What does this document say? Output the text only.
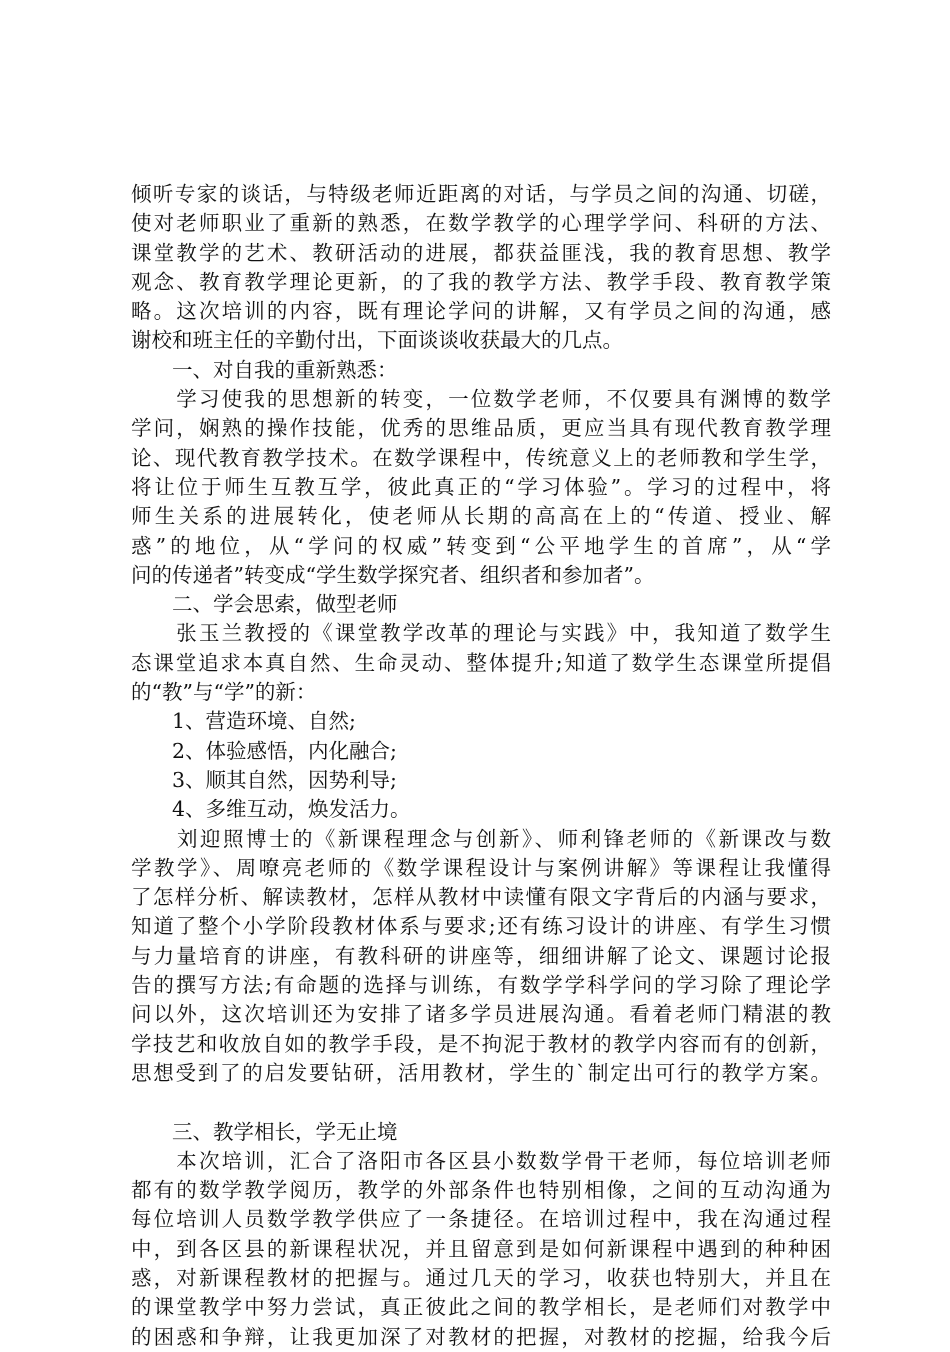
倾听专家的谈话，与特级老师近距离的对话，与学员之间的沟通、切磋，
使对老师职业了重新的熟悉，在数学教学的心理学学问、科研的方法、
课堂教学的艺术、教研活动的进展，都获益匪浅，我的教育思想、教学
观念、教育教学理论更新，的了我的教学方法、教学手段、教育教学策
略。这次培训的内容，既有理论学问的讲解，又有学员之间的沟通，感
谢校和班主任的辛勤付出，下面谈谈收获最大的几点。
　　一、对自我的重新熟悉：
　　学习使我的思想新的转变，一位数学老师，不仅要具有渊博的数学
学问，娴熟的操作技能，优秀的思维品质，更应当具有现代教育教学理
论、现代教育教学技术。在数学课程中，传统意义上的老师教和学生学，
将让位于师生互教互学，彼此真正的“学习体验”。学习的过程中，将
师生关系的进展转化，使老师从长期的高高在上的“传道、授业、解
惑”的地位，从“学问的权威”转变到“公平地学生的首席”，从“学
问的传递者”转变成“学生数学探究者、组织者和参加者”。
　　二、学会思索，做型老师
　　张玉兰教授的《课堂教学改革的理论与实践》中，我知道了数学生
态课堂追求本真自然、生命灵动、整体提升;知道了数学生态课堂所提倡
的“教”与“学”的新：
　　1、营造环境、自然;
　　2、体验感悟，内化融合;
　　3、顺其自然，因势利导;
　　4、多维互动，焕发活力。
　　刘迎照博士的《新课程理念与创新》、师利锋老师的《新课改与数
学教学》、周嘹亮老师的《数学课程设计与案例讲解》等课程让我懂得
了怎样分析、解读教材，怎样从教材中读懂有限文字背后的内涵与要求，
知道了整个小学阶段教材体系与要求;还有练习设计的讲座、有学生习惯
与力量培育的讲座，有教科研的讲座等，细细讲解了论文、课题讨论报
告的撰写方法;有命题的选择与训练，有数学学科学问的学习除了理论学
问以外，这次培训还为安排了诸多学员进展沟通。看着老师门精湛的教
学技艺和收放自如的教学手段，是不拘泥于教材的教学内容而有的创新，
思想受到了的启发要钻研，活用教材，学生的`制定出可行的教学方案。
　　三、教学相长，学无止境
　　本次培训，汇合了洛阳市各区县小数数学骨干老师，每位培训老师
都有的数学教学阅历，教学的外部条件也特别相像，之间的互动沟通为
每位培训人员数学教学供应了一条捷径。在培训过程中，我在沟通过程
中，到各区县的新课程状况，并且留意到是如何新课程中遇到的种种困
惑，对新课程教材的把握与。通过几天的学习，收获也特别大，并且在
的课堂教学中努力尝试，真正彼此之间的教学相长，是老师们对教学中
的困惑和争辩，让我更加深了对教材的把握，对教材的挖掘，给我今后
